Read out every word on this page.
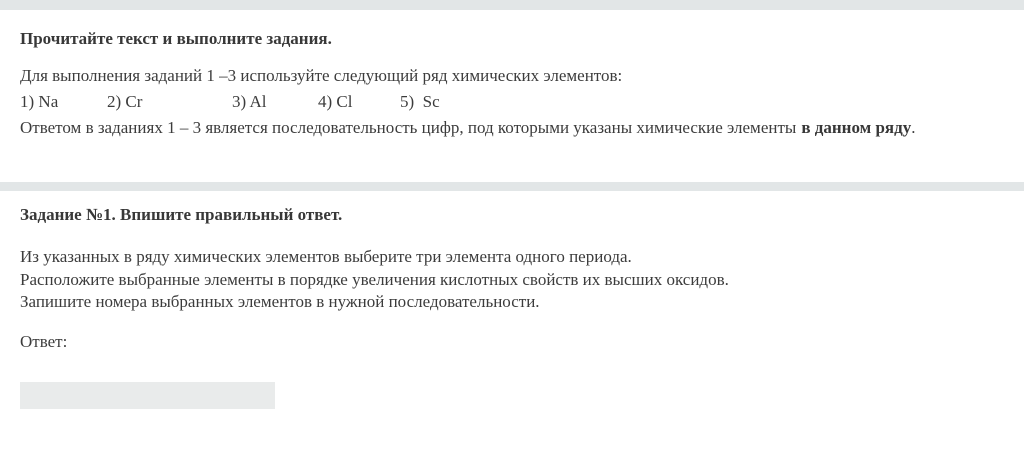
Прочитайте текст и выполните задания.

Для выполнения заданий 1 –3 используйте следующий ряд химических элементов:

1) Na	2) Cr	3) Al	4) Cl	5)  Sc

Ответом в заданиях 1 – 3 является последовательность цифр, под которыми указаны химические элементы в данном ряду.

Задание №1. Впишите правильный ответ.

Из указанных в ряду химических элементов выберите три элемента одного периода.

Расположите выбранные элементы в порядке увеличения кислотных свойств их высших оксидов.

Запишите номера выбранных элементов в нужной последовательности.

Ответ:
